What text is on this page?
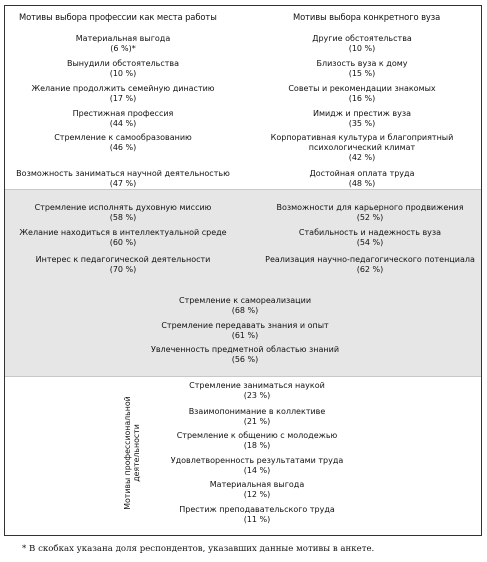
Мотивы выбора профессии как места работы	Мотивы выбора конкретного вуза
Материальная выгода
(6 %)*
Вынудили обстоятельства
(10 %)
Желание продолжить семейную династию
(17 %)
Престижная профессия
(44 %)
Стремление к самообразованию
(46 %)
Возможность заниматься научной деятельностью
(47 %)
Другие обстоятельства
(10 %)
Близость вуза к дому
(15 %)
Советы и рекомендации знакомых
(16 %)
Имидж и престиж вуза
(35 %)
Корпоративная культура и благоприятный
психологический климат
(42 %)
Достойная оплата труда
(48 %)
Стремление исполнять духовную миссию
(58 %)
Желание находиться в интеллектуальной среде
(60 %)
Интерес к педагогической деятельности
(70 %)
Возможности для карьерного продвижения
(52 %)
Стабильность и надежность вуза
(54 %)
Реализация научно-педагогического потенциала
(62 %)
Стремление к самореализации
(68 %)
Стремление передавать знания и опыт
(61 %)
Увлеченность предметной областью знаний
(56 %)
Мотивы профессиональной
деятельности
Стремление заниматься наукой
(23 %)
Взаимопонимание в коллективе
(21 %)
Стремление к общению с молодежью
(18 %)
Удовлетворенность результатами труда
(14 %)
Материальная выгода
(12 %)
Престиж преподавательского труда
(11 %)
* В скобках указана доля респондентов, указавших данные мотивы в анкете.
